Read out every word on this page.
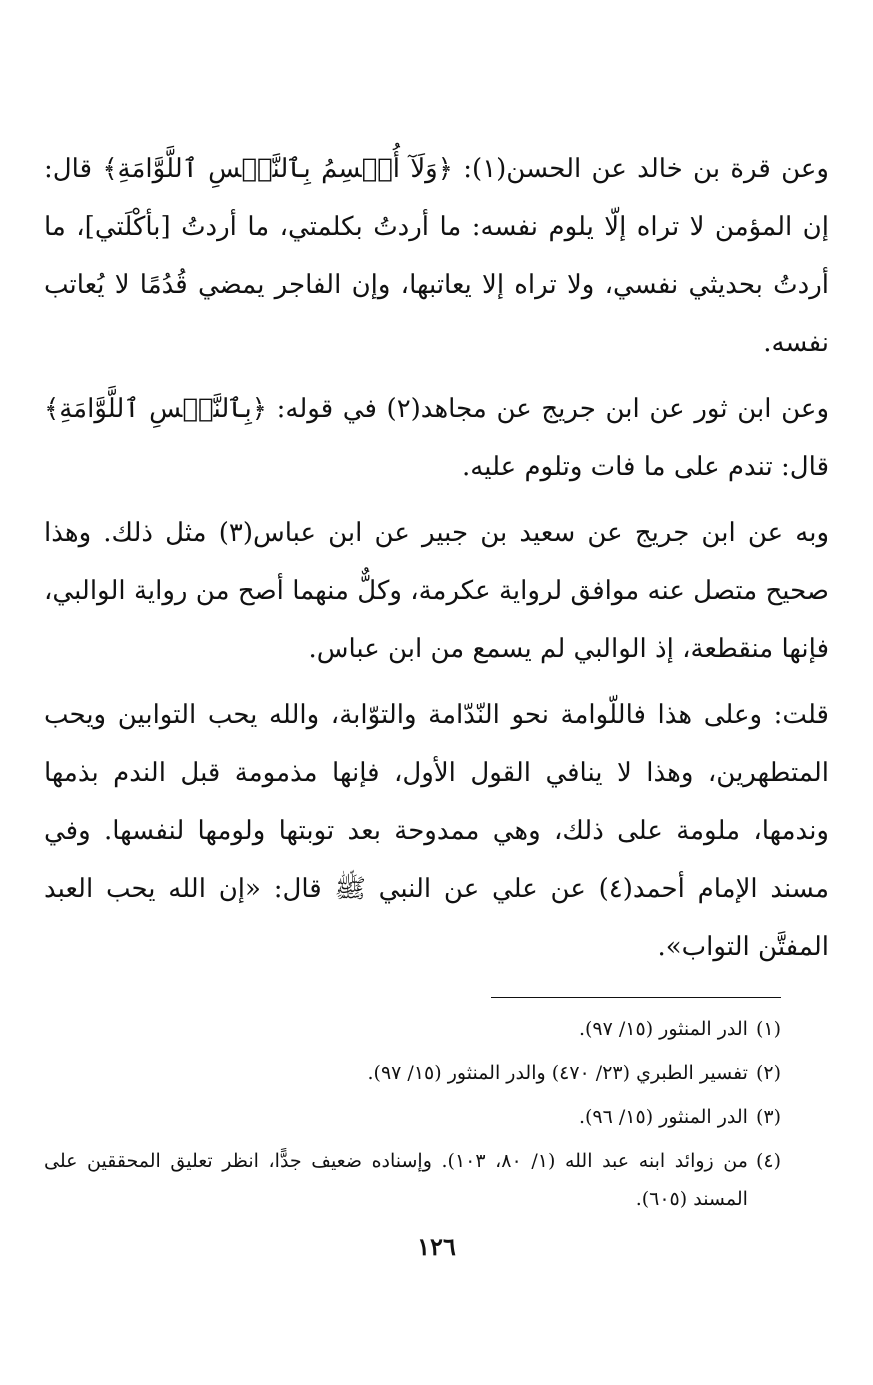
وعن قرة بن خالد عن الحسن(١): ﴿وَلَآ أُقۡسِمُ بِٱلنَّفۡسِ ٱللَّوَّامَةِ﴾ قال: إن المؤمن لا تراه إلّا يلوم نفسه: ما أردتُ بكلمتي، ما أردتُ [بأكْلَتي]، ما أردتُ بحديثي نفسي، ولا تراه إلا يعاتبها، وإن الفاجر يمضي قُدُمًا لا يُعاتب نفسه.

وعن ابن ثور عن ابن جريج عن مجاهد(٢) في قوله: ﴿بِٱلنَّفۡسِ ٱللَّوَّامَةِ﴾ قال: تندم على ما فات وتلوم عليه.

وبه عن ابن جريج عن سعيد بن جبير عن ابن عباس(٣) مثل ذلك. وهذا صحيح متصل عنه موافق لرواية عكرمة، وكلٌّ منهما أصح من رواية الوالبي، فإنها منقطعة، إذ الوالبي لم يسمع من ابن عباس.

قلت: وعلى هذا فاللّوامة نحو النّدّامة والتوّابة، والله يحب التوابين ويحب المتطهرين، وهذا لا ينافي القول الأول، فإنها مذمومة قبل الندم بذمها وندمها، ملومة على ذلك، وهي ممدوحة بعد توبتها ولومها لنفسها. وفي مسند الإمام أحمد(٤) عن علي عن النبي ﷺ قال: «إن الله يحب العبد المفتَّن التواب».

(١)
الدر المنثور (١٥/ ٩٧).
(٢)
تفسير الطبري (٢٣/ ٤٧٠) والدر المنثور (١٥/ ٩٧).
(٣)
الدر المنثور (١٥/ ٩٦).
(٤)
من زوائد ابنه عبد الله (١/ ٨٠، ١٠٣). وإسناده ضعيف جدًّا، انظر تعليق المحققين على المسند (٦٠٥).
١٢٦
